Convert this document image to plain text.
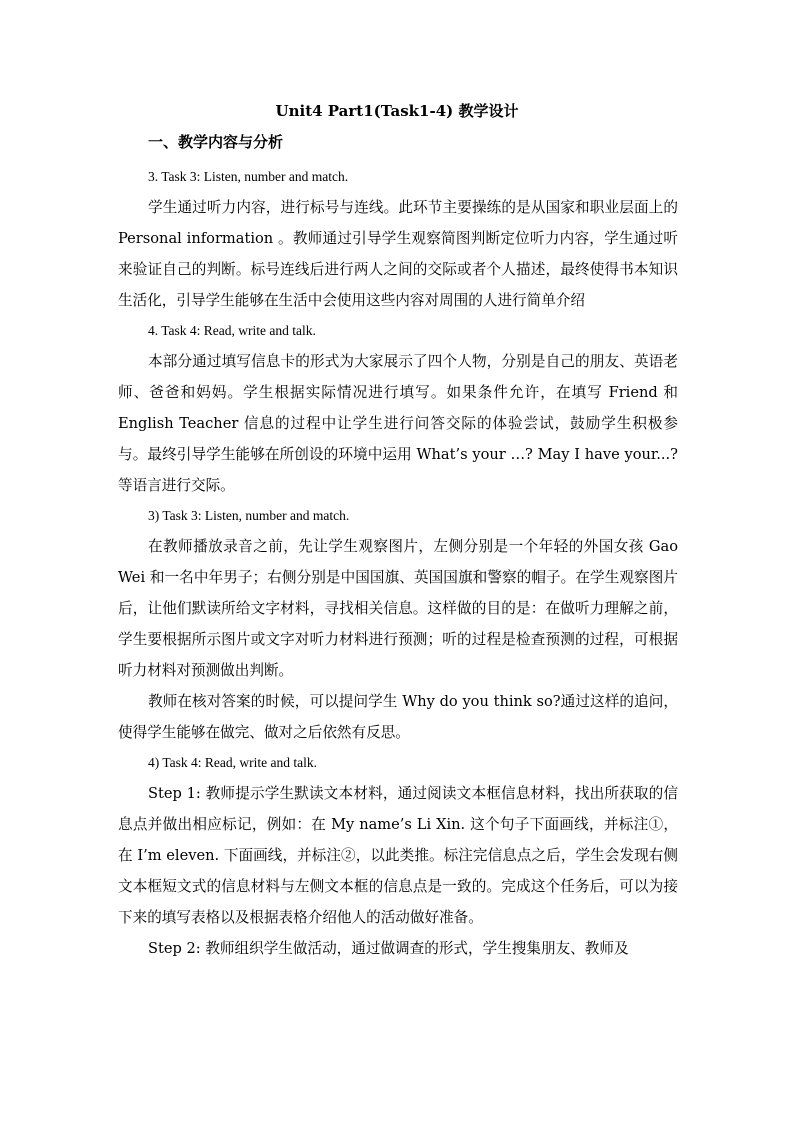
Unit4 Part1(Task1-4) 教学设计
一、教学内容与分析
3. Task 3: Listen, number and match.

学生通过听力内容，进行标号与连线。此环节主要操练的是从国家和职业层面上的 Personal information 。教师通过引导学生观察简图判断定位听力内容，学生通过听来验证自己的判断。标号连线后进行两人之间的交际或者个人描述，最终使得书本知识生活化，引导学生能够在生活中会使用这些内容对周围的人进行简单介绍

4. Task 4: Read, write and talk.

本部分通过填写信息卡的形式为大家展示了四个人物，分别是自己的朋友、英语老师、爸爸和妈妈。学生根据实际情况进行填写。如果条件允许，在填写 Friend 和 English Teacher 信息的过程中让学生进行问答交际的体验尝试，鼓励学生积极参与。最终引导学生能够在所创设的环境中运用 What’s your …? May I have your...? 等语言进行交际。

3) Task 3: Listen, number and match.

在教师播放录音之前，先让学生观察图片，左侧分别是一个年轻的外国女孩 Gao Wei 和一名中年男子；右侧分别是中国国旗、英国国旗和警察的帽子。在学生观察图片后，让他们默读所给文字材料，寻找相关信息。这样做的目的是：在做听力理解之前，学生要根据所示图片或文字对听力材料进行预测；听的过程是检查预测的过程，可根据听力材料对预测做出判断。

教师在核对答案的时候，可以提问学生 Why do you think so?通过这样的追问，使得学生能够在做完、做对之后依然有反思。

4) Task 4: Read, write and talk.

Step 1: 教师提示学生默读文本材料，通过阅读文本框信息材料，找出所获取的信息点并做出相应标记，例如：在 My name’s Li Xin. 这个句子下面画线，并标注①，在 I’m eleven. 下面画线，并标注②，以此类推。标注完信息点之后，学生会发现右侧文本框短文式的信息材料与左侧文本框的信息点是一致的。完成这个任务后，可以为接下来的填写表格以及根据表格介绍他人的活动做好准备。

Step 2: 教师组织学生做活动，通过做调查的形式，学生搜集朋友、教师及
